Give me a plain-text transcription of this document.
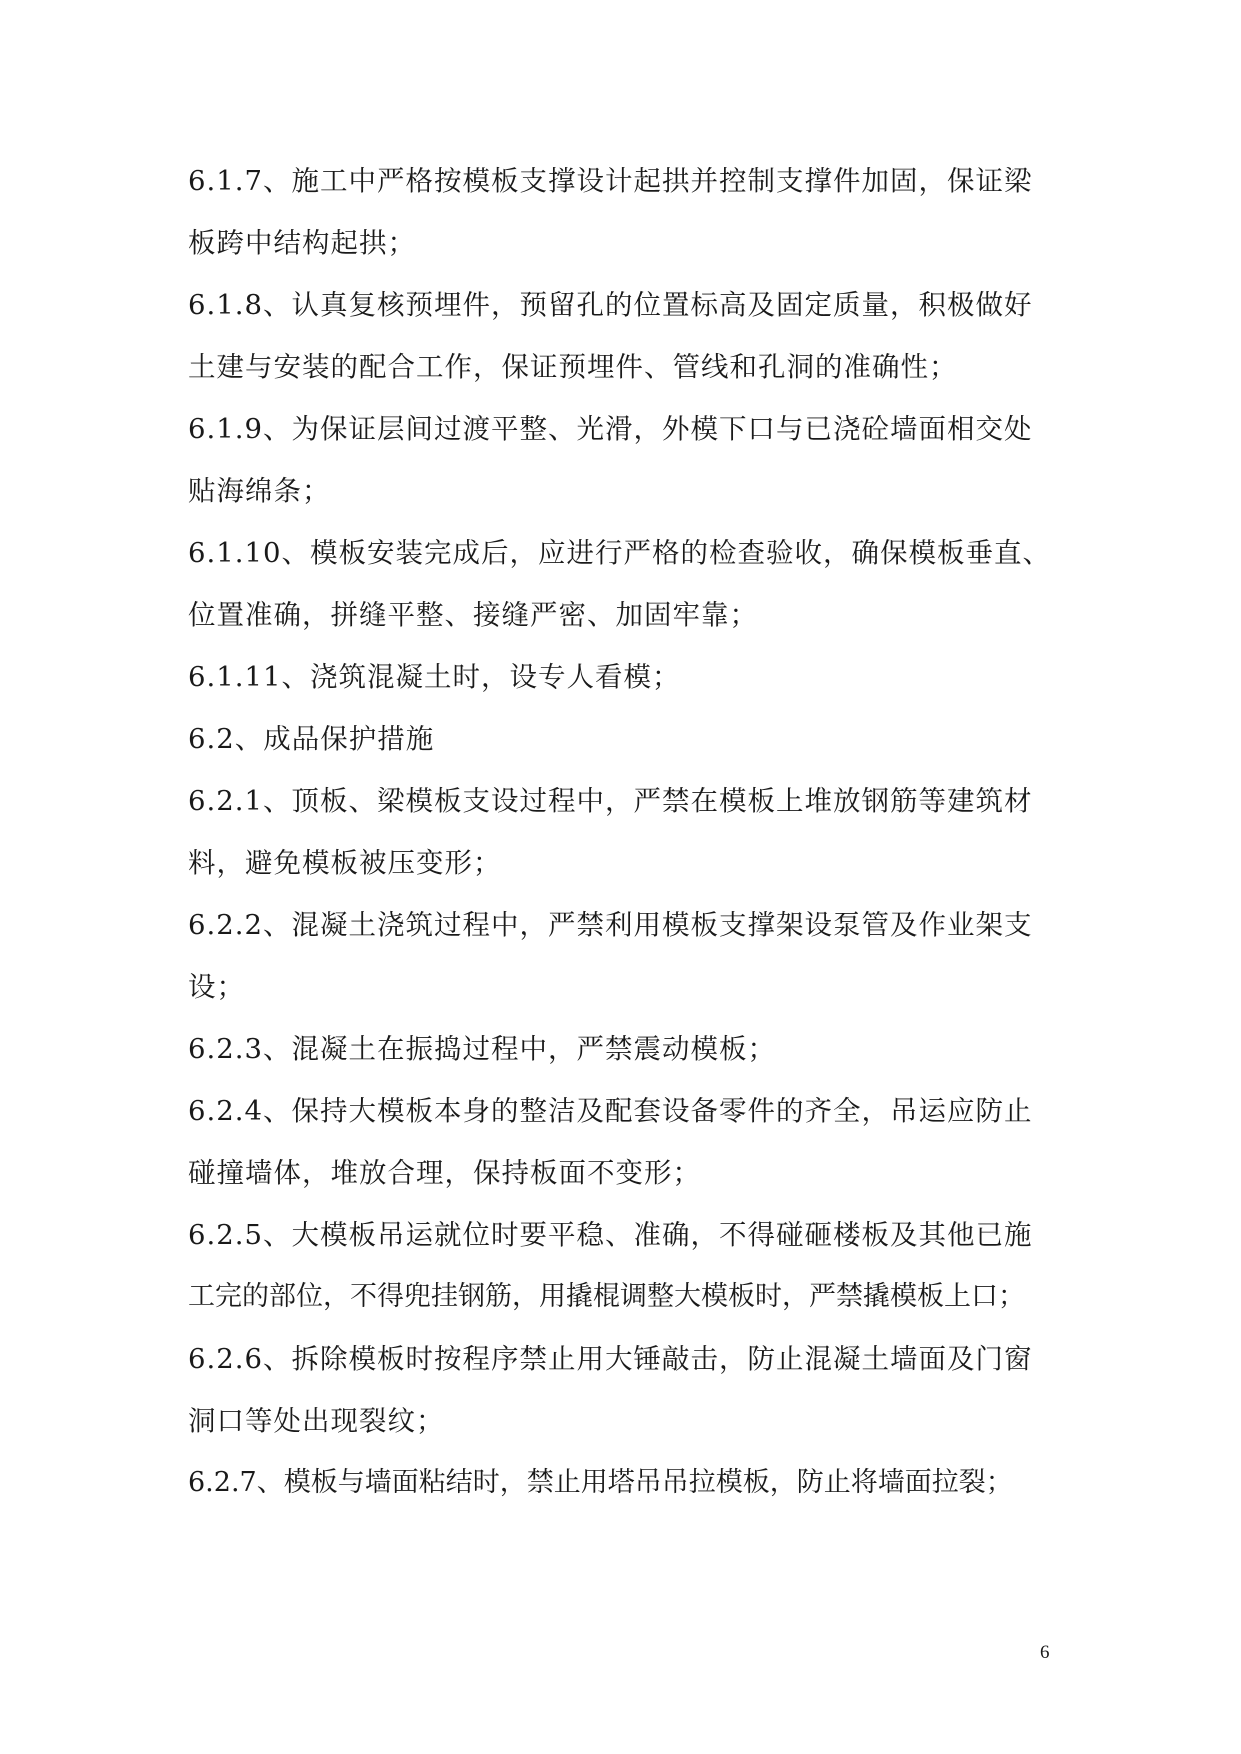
6.1.7、施工中严格按模板支撑设计起拱并控制支撑件加固，保证梁
板跨中结构起拱；
6.1.8、认真复核预埋件，预留孔的位置标高及固定质量，积极做好
土建与安装的配合工作，保证预埋件、管线和孔洞的准确性；
6.1.9、为保证层间过渡平整、光滑，外模下口与已浇砼墙面相交处
贴海绵条；
6.1.10、模板安装完成后，应进行严格的检查验收，确保模板垂直、
位置准确，拼缝平整、接缝严密、加固牢靠；
6.1.11、浇筑混凝土时，设专人看模；
6.2、成品保护措施
6.2.1、顶板、梁模板支设过程中，严禁在模板上堆放钢筋等建筑材
料，避免模板被压变形；
6.2.2、混凝土浇筑过程中，严禁利用模板支撑架设泵管及作业架支
设；
6.2.3、混凝土在振捣过程中，严禁震动模板；
6.2.4、保持大模板本身的整洁及配套设备零件的齐全，吊运应防止
碰撞墙体，堆放合理，保持板面不变形；
6.2.5、大模板吊运就位时要平稳、准确，不得碰砸楼板及其他已施
工完的部位，不得兜挂钢筋，用撬棍调整大模板时，严禁撬模板上口；
6.2.6、拆除模板时按程序禁止用大锤敲击，防止混凝土墙面及门窗
洞口等处出现裂纹；
6.2.7、模板与墙面粘结时，禁止用塔吊吊拉模板，防止将墙面拉裂；
6
